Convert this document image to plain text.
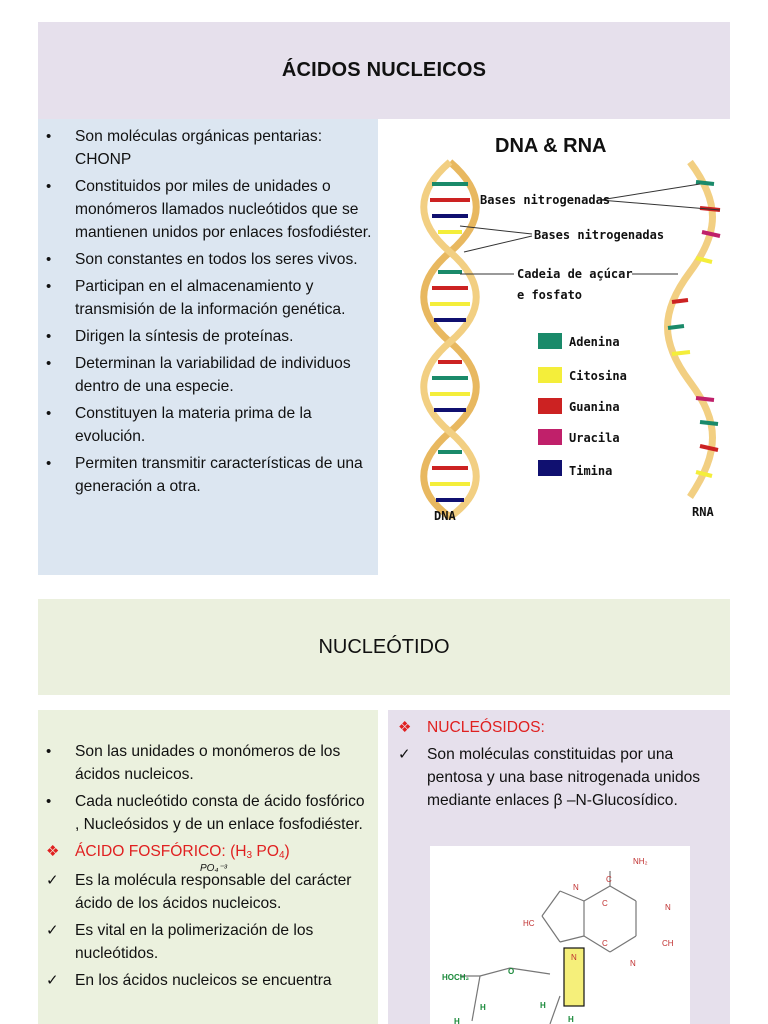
ÁCIDOS NUCLEICOS
• Son moléculas orgánicas pentarias:
CHONP
• Constituidos por miles de unidades o monómeros llamados nucleótidos que se mantienen unidos por enlaces fosfodiéster.
• Son constantes en todos los seres vivos.
• Participan en el almacenamiento y transmisión de la información genética.
• Dirigen la síntesis de proteínas.
• Determinan la variabilidad de individuos dentro de una especie.
• Constituyen la materia prima de la evolución.
• Permiten transmitir características de una generación a otra.
DNA & RNA
Bases nitrogenadas
Bases nitrogenadas
Cadeia de açúcar
e fosfato
Adenina
Citosina
Guanina
Uracila
Timina
DNA	RNA
NUCLEÓTIDO
• Son las unidades o monómeros de los ácidos nucleicos.
• Cada nucleótido consta de ácido fosfórico , Nucleósidos y de un enlace fosfodiéster.
❖ ÁCIDO FOSFÓRICO: ($H_3$ $PO_4$)
✓ Es la molécula responsable del carácter ácido de los ácidos nucleicos.
PO₄⁻³
✓ Es vital en la polimerización de los nucleótidos.
✓ En los ácidos nucleicos se encuentra
❖ NUCLEÓSIDOS:
✓ Son moléculas constituidas por una pentosa y una base nitrogenada unidos mediante enlaces β –N-Glucosídico.
NH₂
C
N
N
C
HC
C	CH
N
N
HOCH₂
O
H
H
H
H
